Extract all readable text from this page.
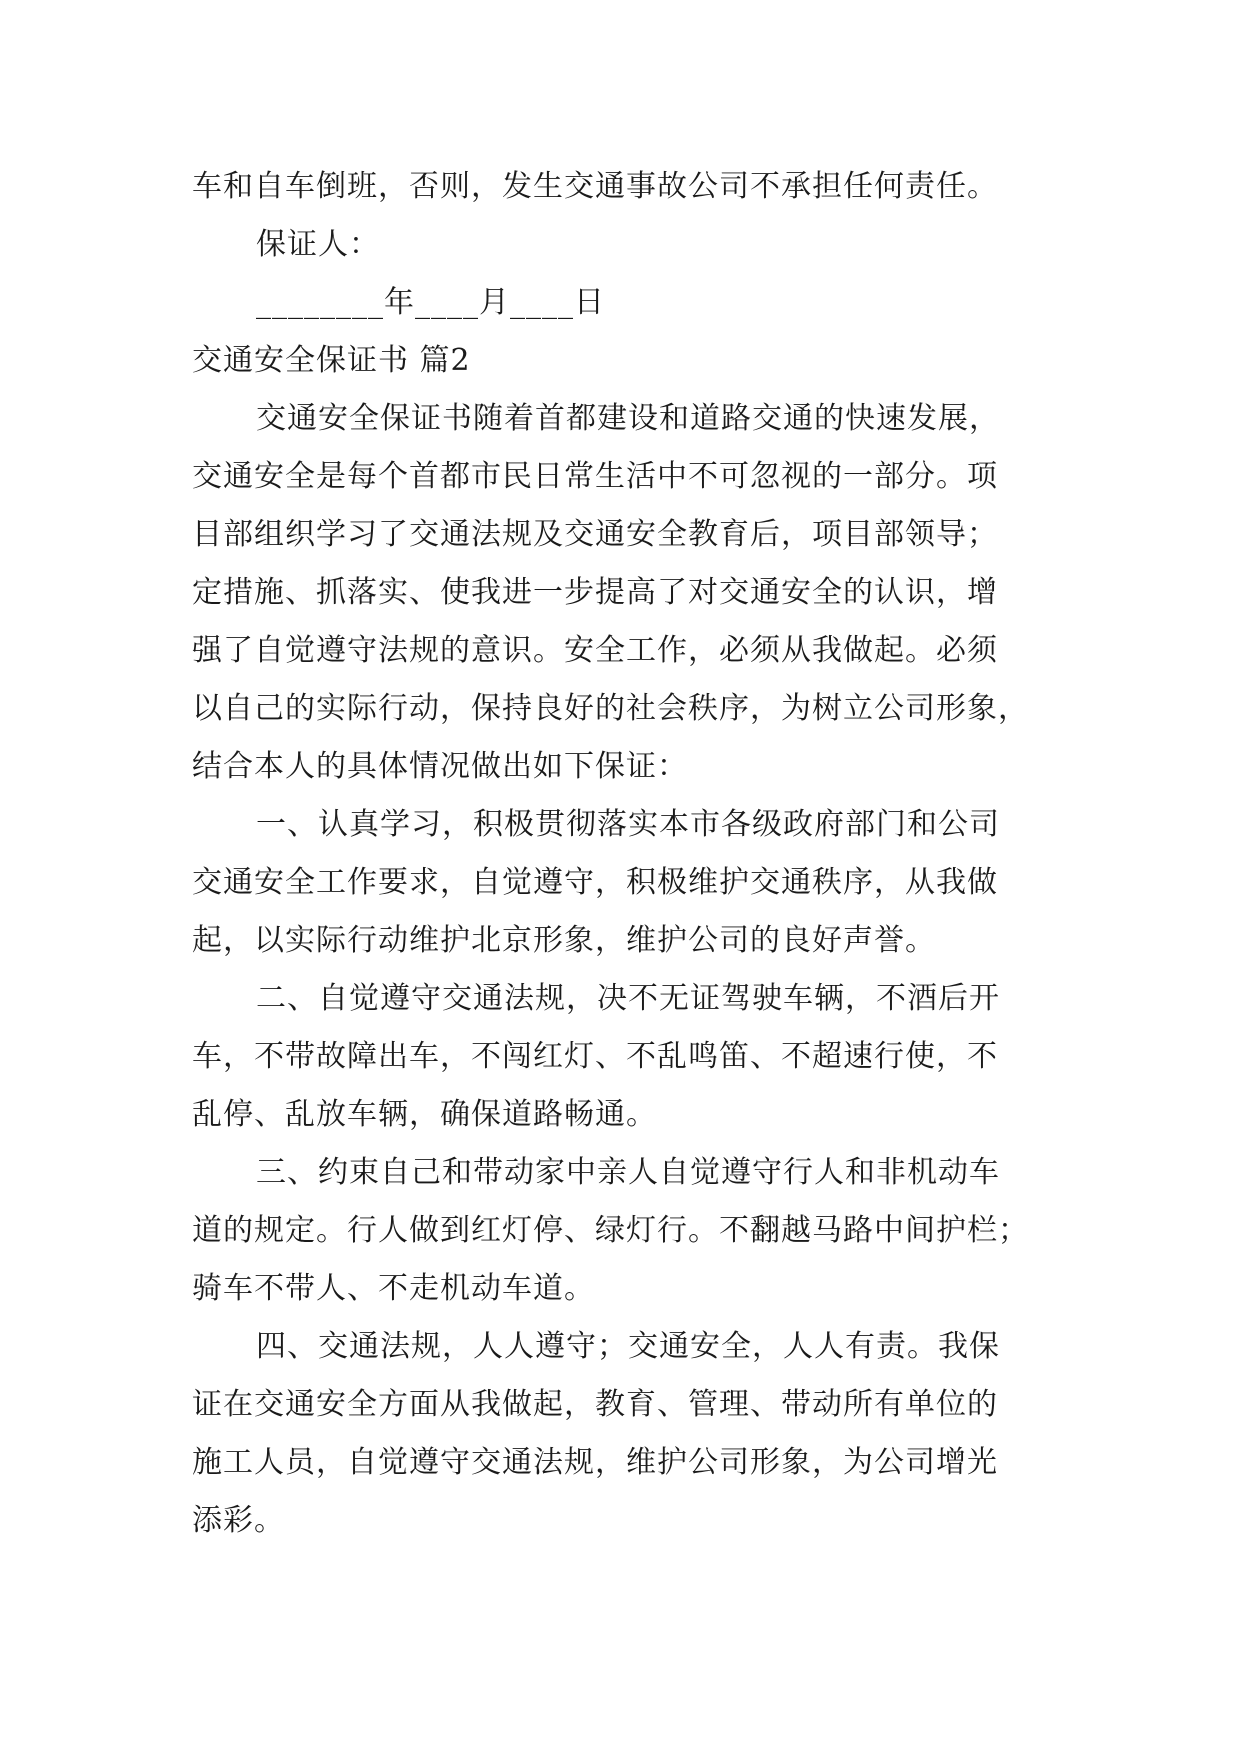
车和自车倒班，否则，发生交通事故公司不承担任何责任。
保证人：
________年____月____日
交通安全保证书 篇2
交通安全保证书随着首都建设和道路交通的快速发展，
交通安全是每个首都市民日常生活中不可忽视的一部分。项
目部组织学习了交通法规及交通安全教育后，项目部领导；
定措施、抓落实、使我进一步提高了对交通安全的认识，增
强了自觉遵守法规的意识。安全工作，必须从我做起。必须
以自己的实际行动，保持良好的社会秩序，为树立公司形象，
结合本人的具体情况做出如下保证：
一、认真学习，积极贯彻落实本市各级政府部门和公司
交通安全工作要求，自觉遵守，积极维护交通秩序，从我做
起，以实际行动维护北京形象，维护公司的良好声誉。
二、自觉遵守交通法规，决不无证驾驶车辆，不酒后开
车，不带故障出车，不闯红灯、不乱鸣笛、不超速行使，不
乱停、乱放车辆，确保道路畅通。
三、约束自己和带动家中亲人自觉遵守行人和非机动车
道的规定。行人做到红灯停、绿灯行。不翻越马路中间护栏；
骑车不带人、不走机动车道。
四、交通法规，人人遵守；交通安全，人人有责。我保
证在交通安全方面从我做起，教育、管理、带动所有单位的
施工人员，自觉遵守交通法规，维护公司形象，为公司增光
添彩。
